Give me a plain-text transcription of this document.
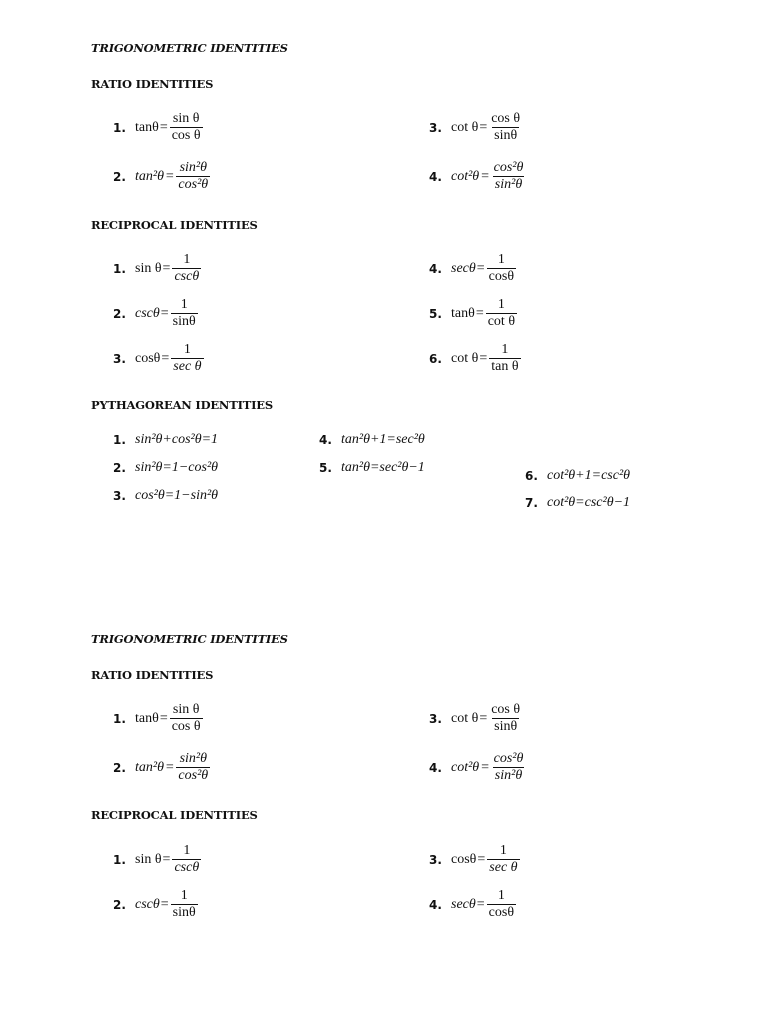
TRIGONOMETRIC IDENTITIES
RATIO IDENTITIES
1. $\tan\theta = \frac{\text{sin θ}}{\text{cos θ}}$
2. $\tan^2\theta = \frac{\text{sin²θ}}{\text{cos²θ}}$
3. $\cot \theta = \frac{\text{cos θ}}{\sin\theta}$
4. $\cot^2\theta = \frac{\text{cos²θ}}{\text{sin²θ}}$
RECIPROCAL IDENTITIES
1. $\sin \theta = \frac{1}{\csc\theta}$
2. $\csc\theta = \frac{1}{\sin\theta}$
3. $\cos\theta = \frac{1}{\text{sec θ}}$
4. $\sec\theta = \frac{1}{\cos\theta}$
5. $\tan\theta = \frac{1}{\text{cot θ}}$
6. $\cot \theta = \frac{1}{\text{tan θ}}$
PYTHAGOREAN IDENTITIES
1. sin²θ+cos²θ=1
2. sin²θ=1−cos²θ
3. cos²θ=1−sin²θ
4. tan²θ+1=sec²θ
5. tan²θ=sec²θ−1
6. cot²θ+1=csc²θ
7. cot²θ=csc²θ−1
TRIGONOMETRIC IDENTITIES
RATIO IDENTITIES
1. $\tan\theta = \frac{\text{sin θ}}{\text{cos θ}}$
2. $\tan^2\theta = \frac{\text{sin²θ}}{\text{cos²θ}}$
3. $\cot \theta = \frac{\text{cos θ}}{\sin\theta}$
4. $\cot^2\theta = \frac{\text{cos²θ}}{\text{sin²θ}}$
RECIPROCAL IDENTITIES
1. $\sin \theta = \frac{1}{\csc\theta}$
2. $\csc\theta = \frac{1}{\sin\theta}$
3. $\cos\theta = \frac{1}{\text{sec θ}}$
4. $\sec\theta = \frac{1}{\cos\theta}$
